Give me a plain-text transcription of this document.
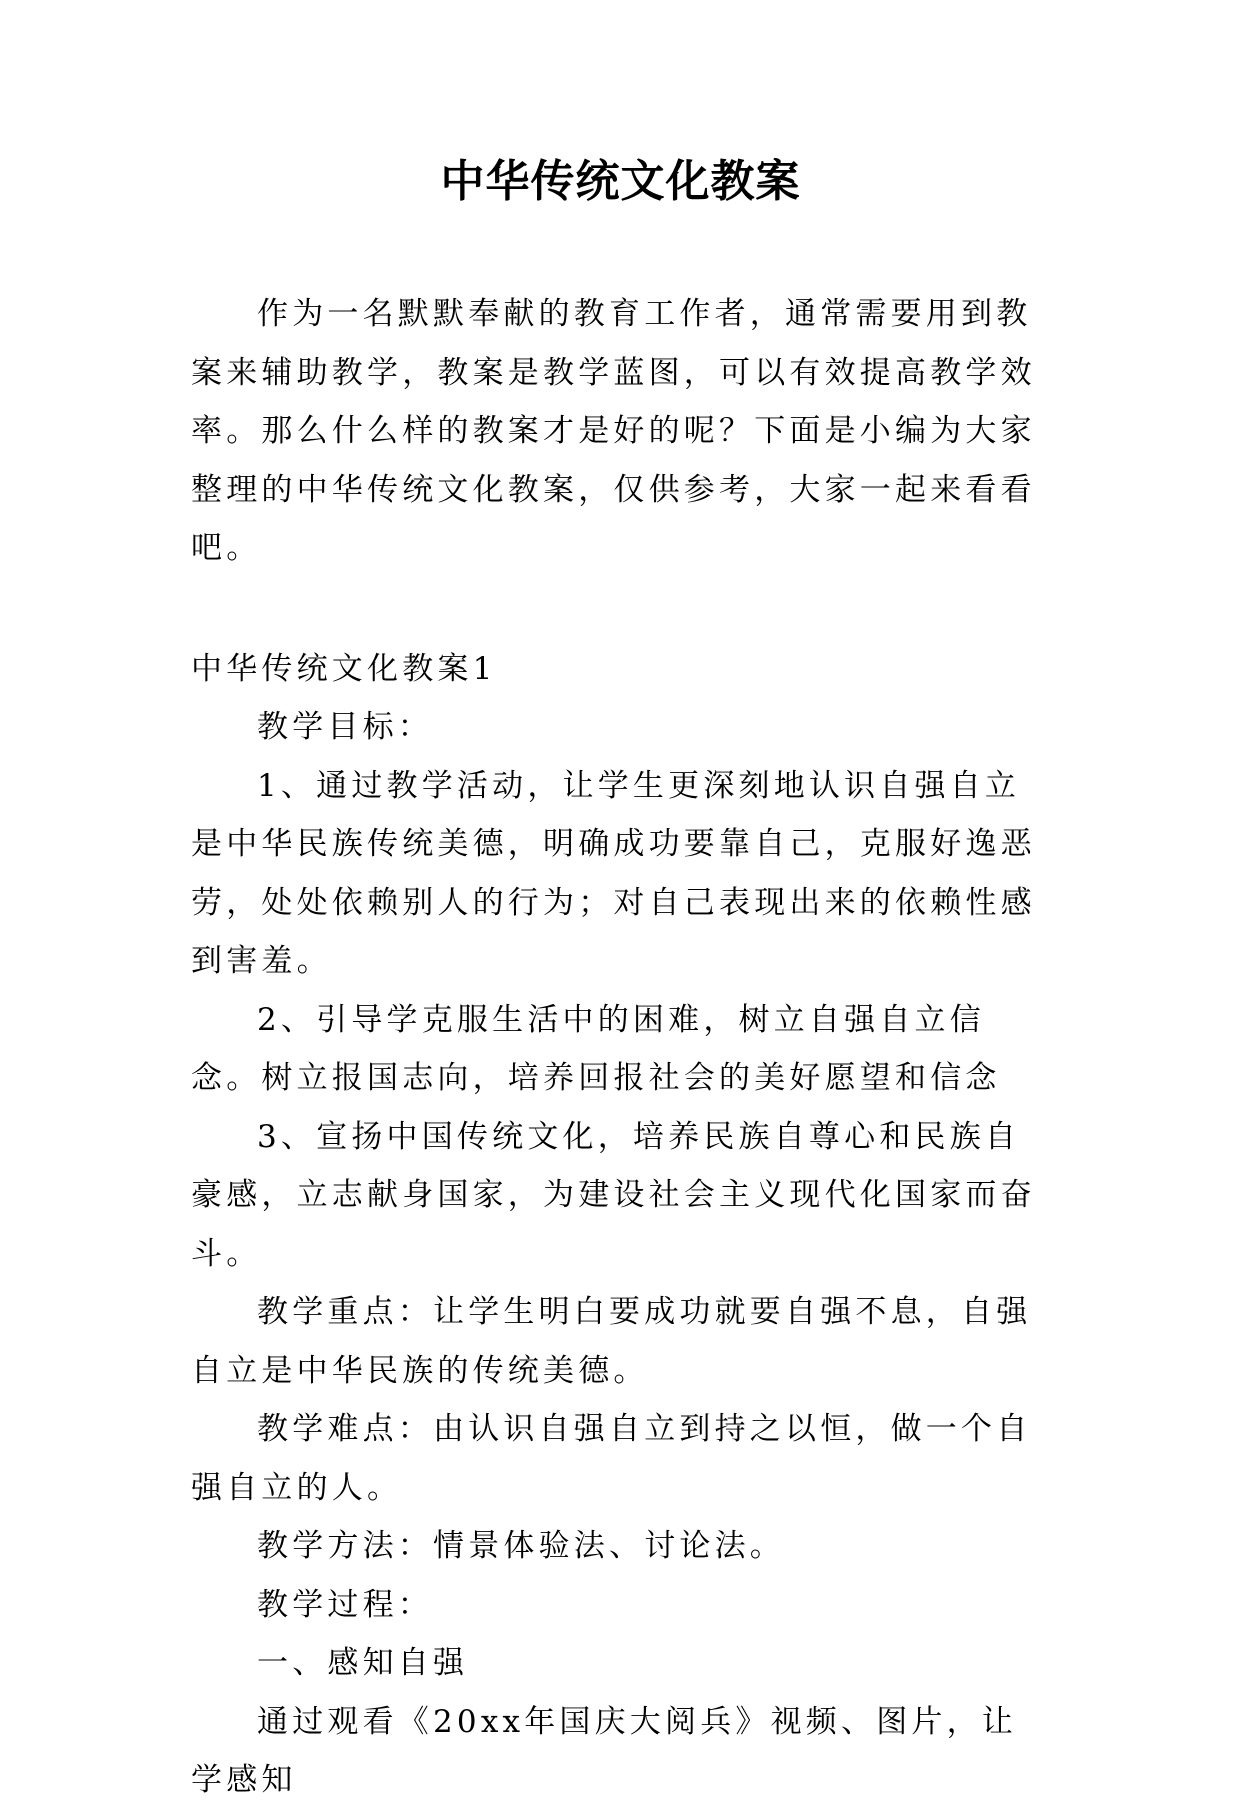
中华传统文化教案

作为一名默默奉献的教育工作者，通常需要用到教案来辅助教学，教案是教学蓝图，可以有效提高教学效率。那么什么样的教案才是好的呢？下面是小编为大家整理的中华传统文化教案，仅供参考，大家一起来看看吧。

中华传统文化教案1

教学目标：

1、通过教学活动，让学生更深刻地认识自强自立是中华民族传统美德，明确成功要靠自己，克服好逸恶劳，处处依赖别人的行为；对自己表现出来的依赖性感到害羞。

2、引导学克服生活中的困难，树立自强自立信念。树立报国志向，培养回报社会的美好愿望和信念

3、宣扬中国传统文化，培养民族自尊心和民族自豪感，立志献身国家，为建设社会主义现代化国家而奋斗。

教学重点：让学生明白要成功就要自强不息，自强自立是中华民族的传统美德。

教学难点：由认识自强自立到持之以恒，做一个自强自立的人。

教学方法：情景体验法、讨论法。

教学过程：

一、感知自强

通过观看《20xx年国庆大阅兵》视频、图片，让学感知
